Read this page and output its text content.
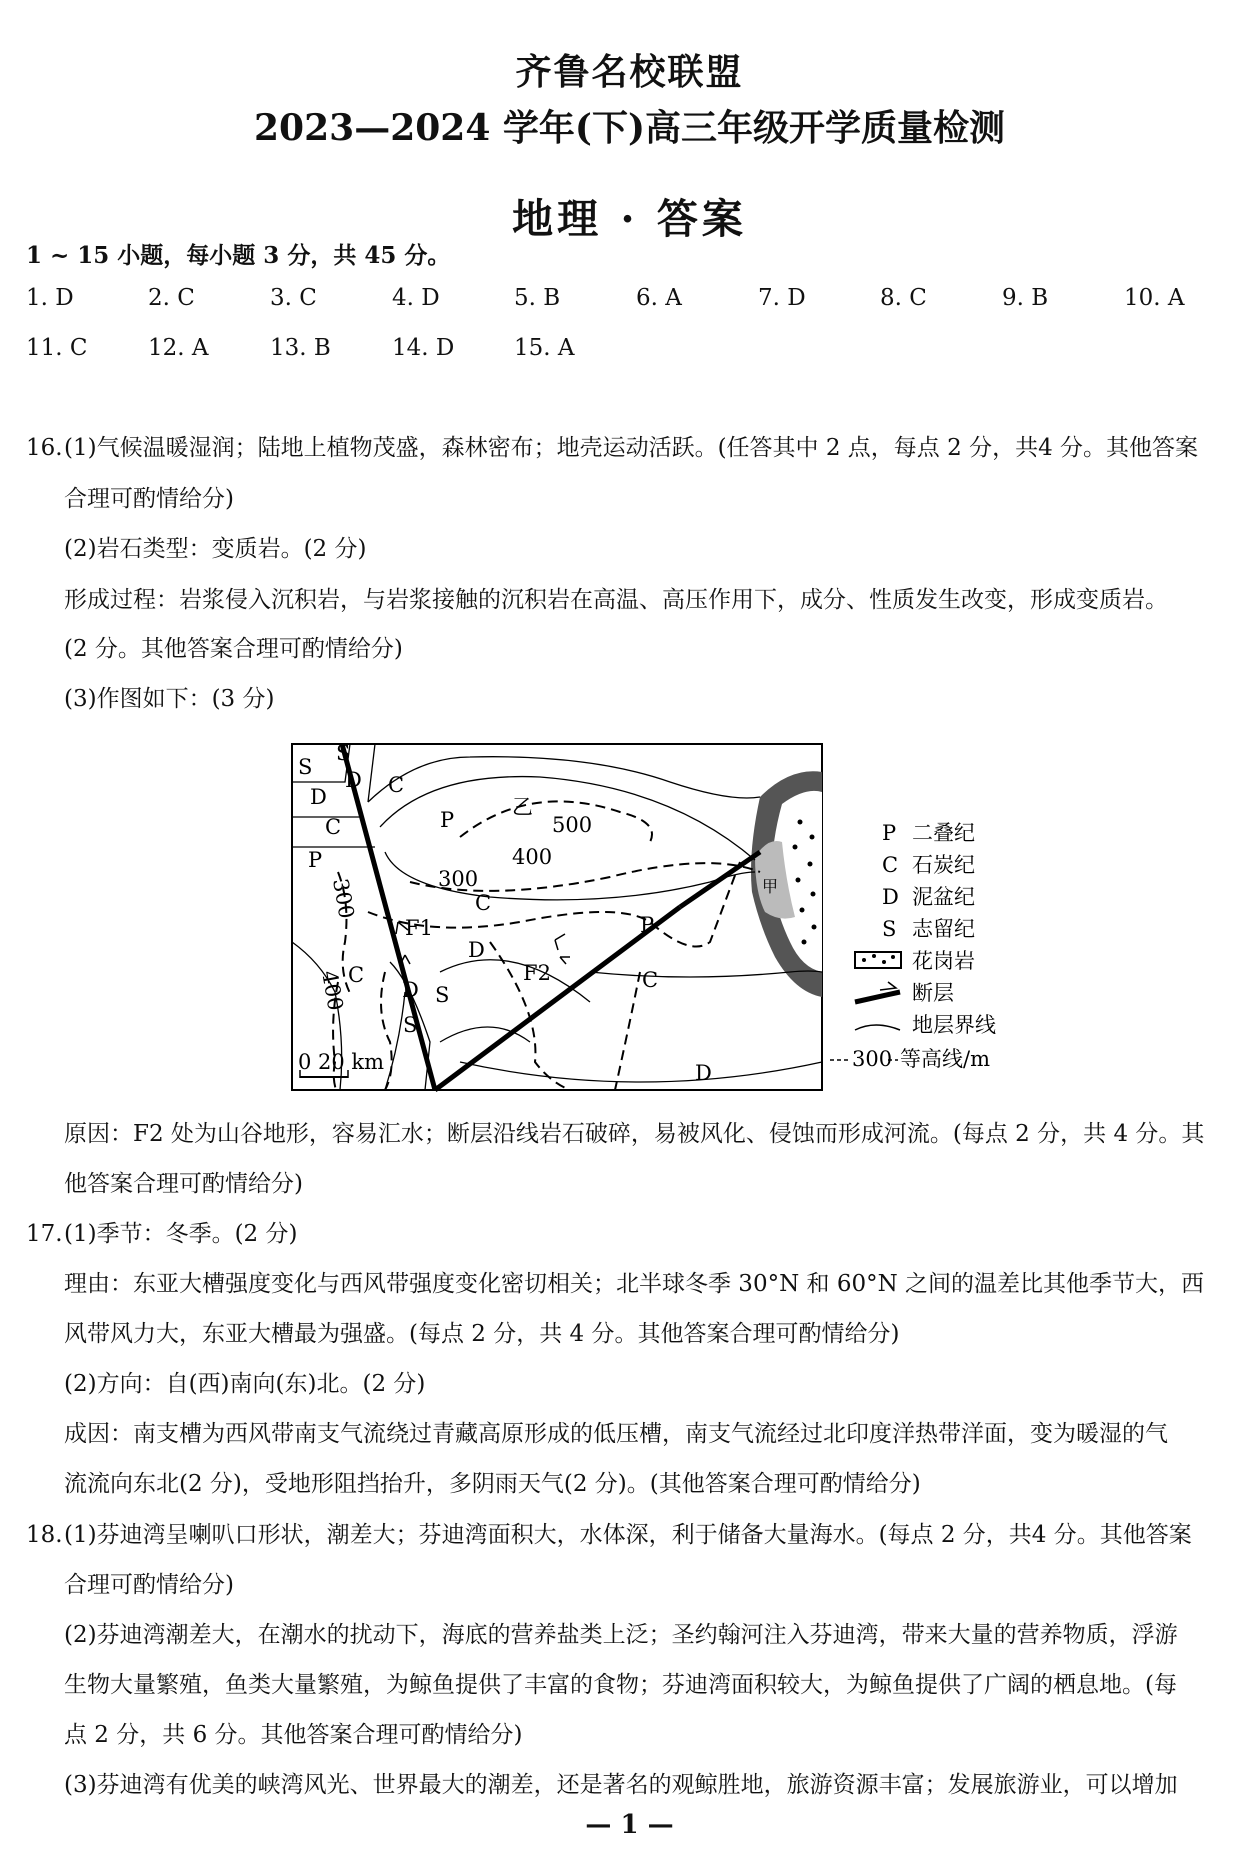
齐鲁名校联盟
2023—2024 学年(下)高三年级开学质量检测
地理 · 答案
1 ~ 15 小题，每小题 3 分，共 45 分。
1. D	2. C	3. C	4. D	5. B	6. A	7. D	8. C	9. B	10. A
11. C	12. A	13. B	14. D	15. A
16. (1)气候温暖湿润；陆地上植物茂盛，森林密布；地壳运动活跃。(任答其中 2 点，每点 2 分，共4 分。其他答案
合理可酌情给分)
(2)岩石类型：变质岩。(2 分)
形成过程：岩浆侵入沉积岩，与岩浆接触的沉积岩在高温、高压作用下，成分、性质发生改变，形成变质岩。
(2 分。其他答案合理可酌情给分)
(3)作图如下：(3 分)
S
S
D
D
C
C
P
乙
500
400
300
P
300
400
C
F1
D
C
D S
S
F2
P
C
D
甲
0 20 km
P 二叠纪
C 石炭纪
D 泥盆纪
S 志留纪
花岗岩
断层
地层界线
300 等高线/m
原因：F2 处为山谷地形，容易汇水；断层沿线岩石破碎，易被风化、侵蚀而形成河流。(每点 2 分，共 4 分。其
他答案合理可酌情给分)
17. (1)季节：冬季。(2 分)
理由：东亚大槽强度变化与西风带强度变化密切相关；北半球冬季 30°N 和 60°N 之间的温差比其他季节大，西
风带风力大，东亚大槽最为强盛。(每点 2 分，共 4 分。其他答案合理可酌情给分)
(2)方向：自(西)南向(东)北。(2 分)
成因：南支槽为西风带南支气流绕过青藏高原形成的低压槽，南支气流经过北印度洋热带洋面，变为暖湿的气
流流向东北(2 分)，受地形阻挡抬升，多阴雨天气(2 分)。(其他答案合理可酌情给分)
18. (1)芬迪湾呈喇叭口形状，潮差大；芬迪湾面积大，水体深，利于储备大量海水。(每点 2 分，共4 分。其他答案
合理可酌情给分)
(2)芬迪湾潮差大，在潮水的扰动下，海底的营养盐类上泛；圣约翰河注入芬迪湾，带来大量的营养物质，浮游
生物大量繁殖，鱼类大量繁殖，为鲸鱼提供了丰富的食物；芬迪湾面积较大，为鲸鱼提供了广阔的栖息地。(每
点 2 分，共 6 分。其他答案合理可酌情给分)
(3)芬迪湾有优美的峡湾风光、世界最大的潮差，还是著名的观鲸胜地，旅游资源丰富；发展旅游业，可以增加
— 1 —
